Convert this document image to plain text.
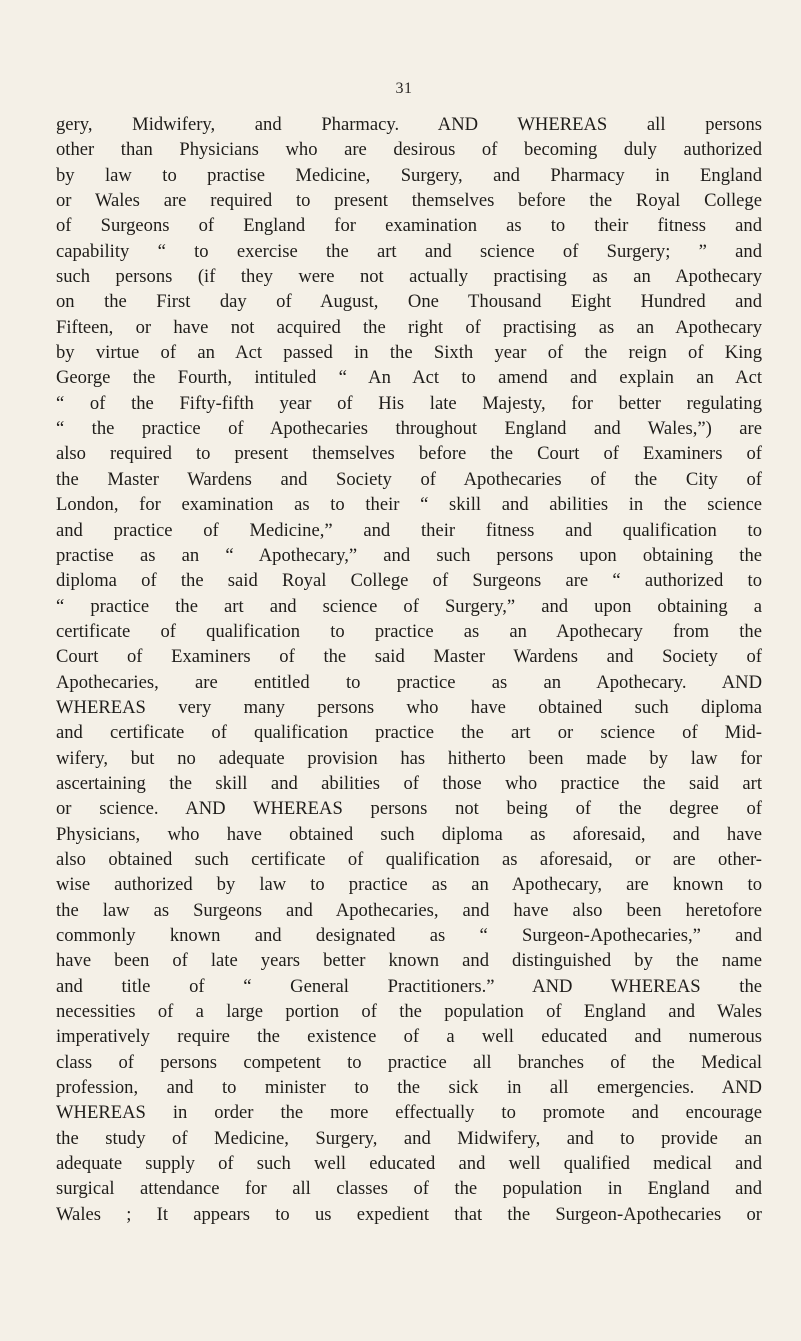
31
gery, Midwifery, and Pharmacy. AND WHEREAS all persons
other than Physicians who are desirous of becoming duly authorized
by law to practise Medicine, Surgery, and Pharmacy in England
or Wales are required to present themselves before the Royal College
of Surgeons of England for examination as to their fitness and
capability “ to exercise the art and science of Surgery; ” and
such persons (if they were not actually practising as an Apothecary
on the First day of August, One Thousand Eight Hundred and
Fifteen, or have not acquired the right of practising as an Apothecary
by virtue of an Act passed in the Sixth year of the reign of King
George the Fourth, intituled “ An Act to amend and explain an Act
“ of the Fifty-fifth year of His late Majesty, for better regulating
“ the practice of Apothecaries throughout England and Wales,”) are
also required to present themselves before the Court of Examiners of
the Master Wardens and Society of Apothecaries of the City of
London, for examination as to their “ skill and abilities in the science
and practice of Medicine,” and their fitness and qualification to
practise as an “ Apothecary,” and such persons upon obtaining the
diploma of the said Royal College of Surgeons are “ authorized to
“ practice the art and science of Surgery,” and upon obtaining a
certificate of qualification to practice as an Apothecary from the
Court of Examiners of the said Master Wardens and Society of
Apothecaries, are entitled to practice as an Apothecary. AND
WHEREAS very many persons who have obtained such diploma
and certificate of qualification practice the art or science of Mid-
wifery, but no adequate provision has hitherto been made by law for
ascertaining the skill and abilities of those who practice the said art
or science. AND WHEREAS persons not being of the degree of
Physicians, who have obtained such diploma as aforesaid, and have
also obtained such certificate of qualification as aforesaid, or are other-
wise authorized by law to practice as an Apothecary, are known to
the law as Surgeons and Apothecaries, and have also been heretofore
commonly known and designated as “ Surgeon-Apothecaries,” and
have been of late years better known and distinguished by the name
and title of “ General Practitioners.” AND WHEREAS the
necessities of a large portion of the population of England and Wales
imperatively require the existence of a well educated and numerous
class of persons competent to practice all branches of the Medical
profession, and to minister to the sick in all emergencies. AND
WHEREAS in order the more effectually to promote and encourage
the study of Medicine, Surgery, and Midwifery, and to provide an
adequate supply of such well educated and well qualified medical and
surgical attendance for all classes of the population in England and
Wales ; It appears to us expedient that the Surgeon-Apothecaries or
